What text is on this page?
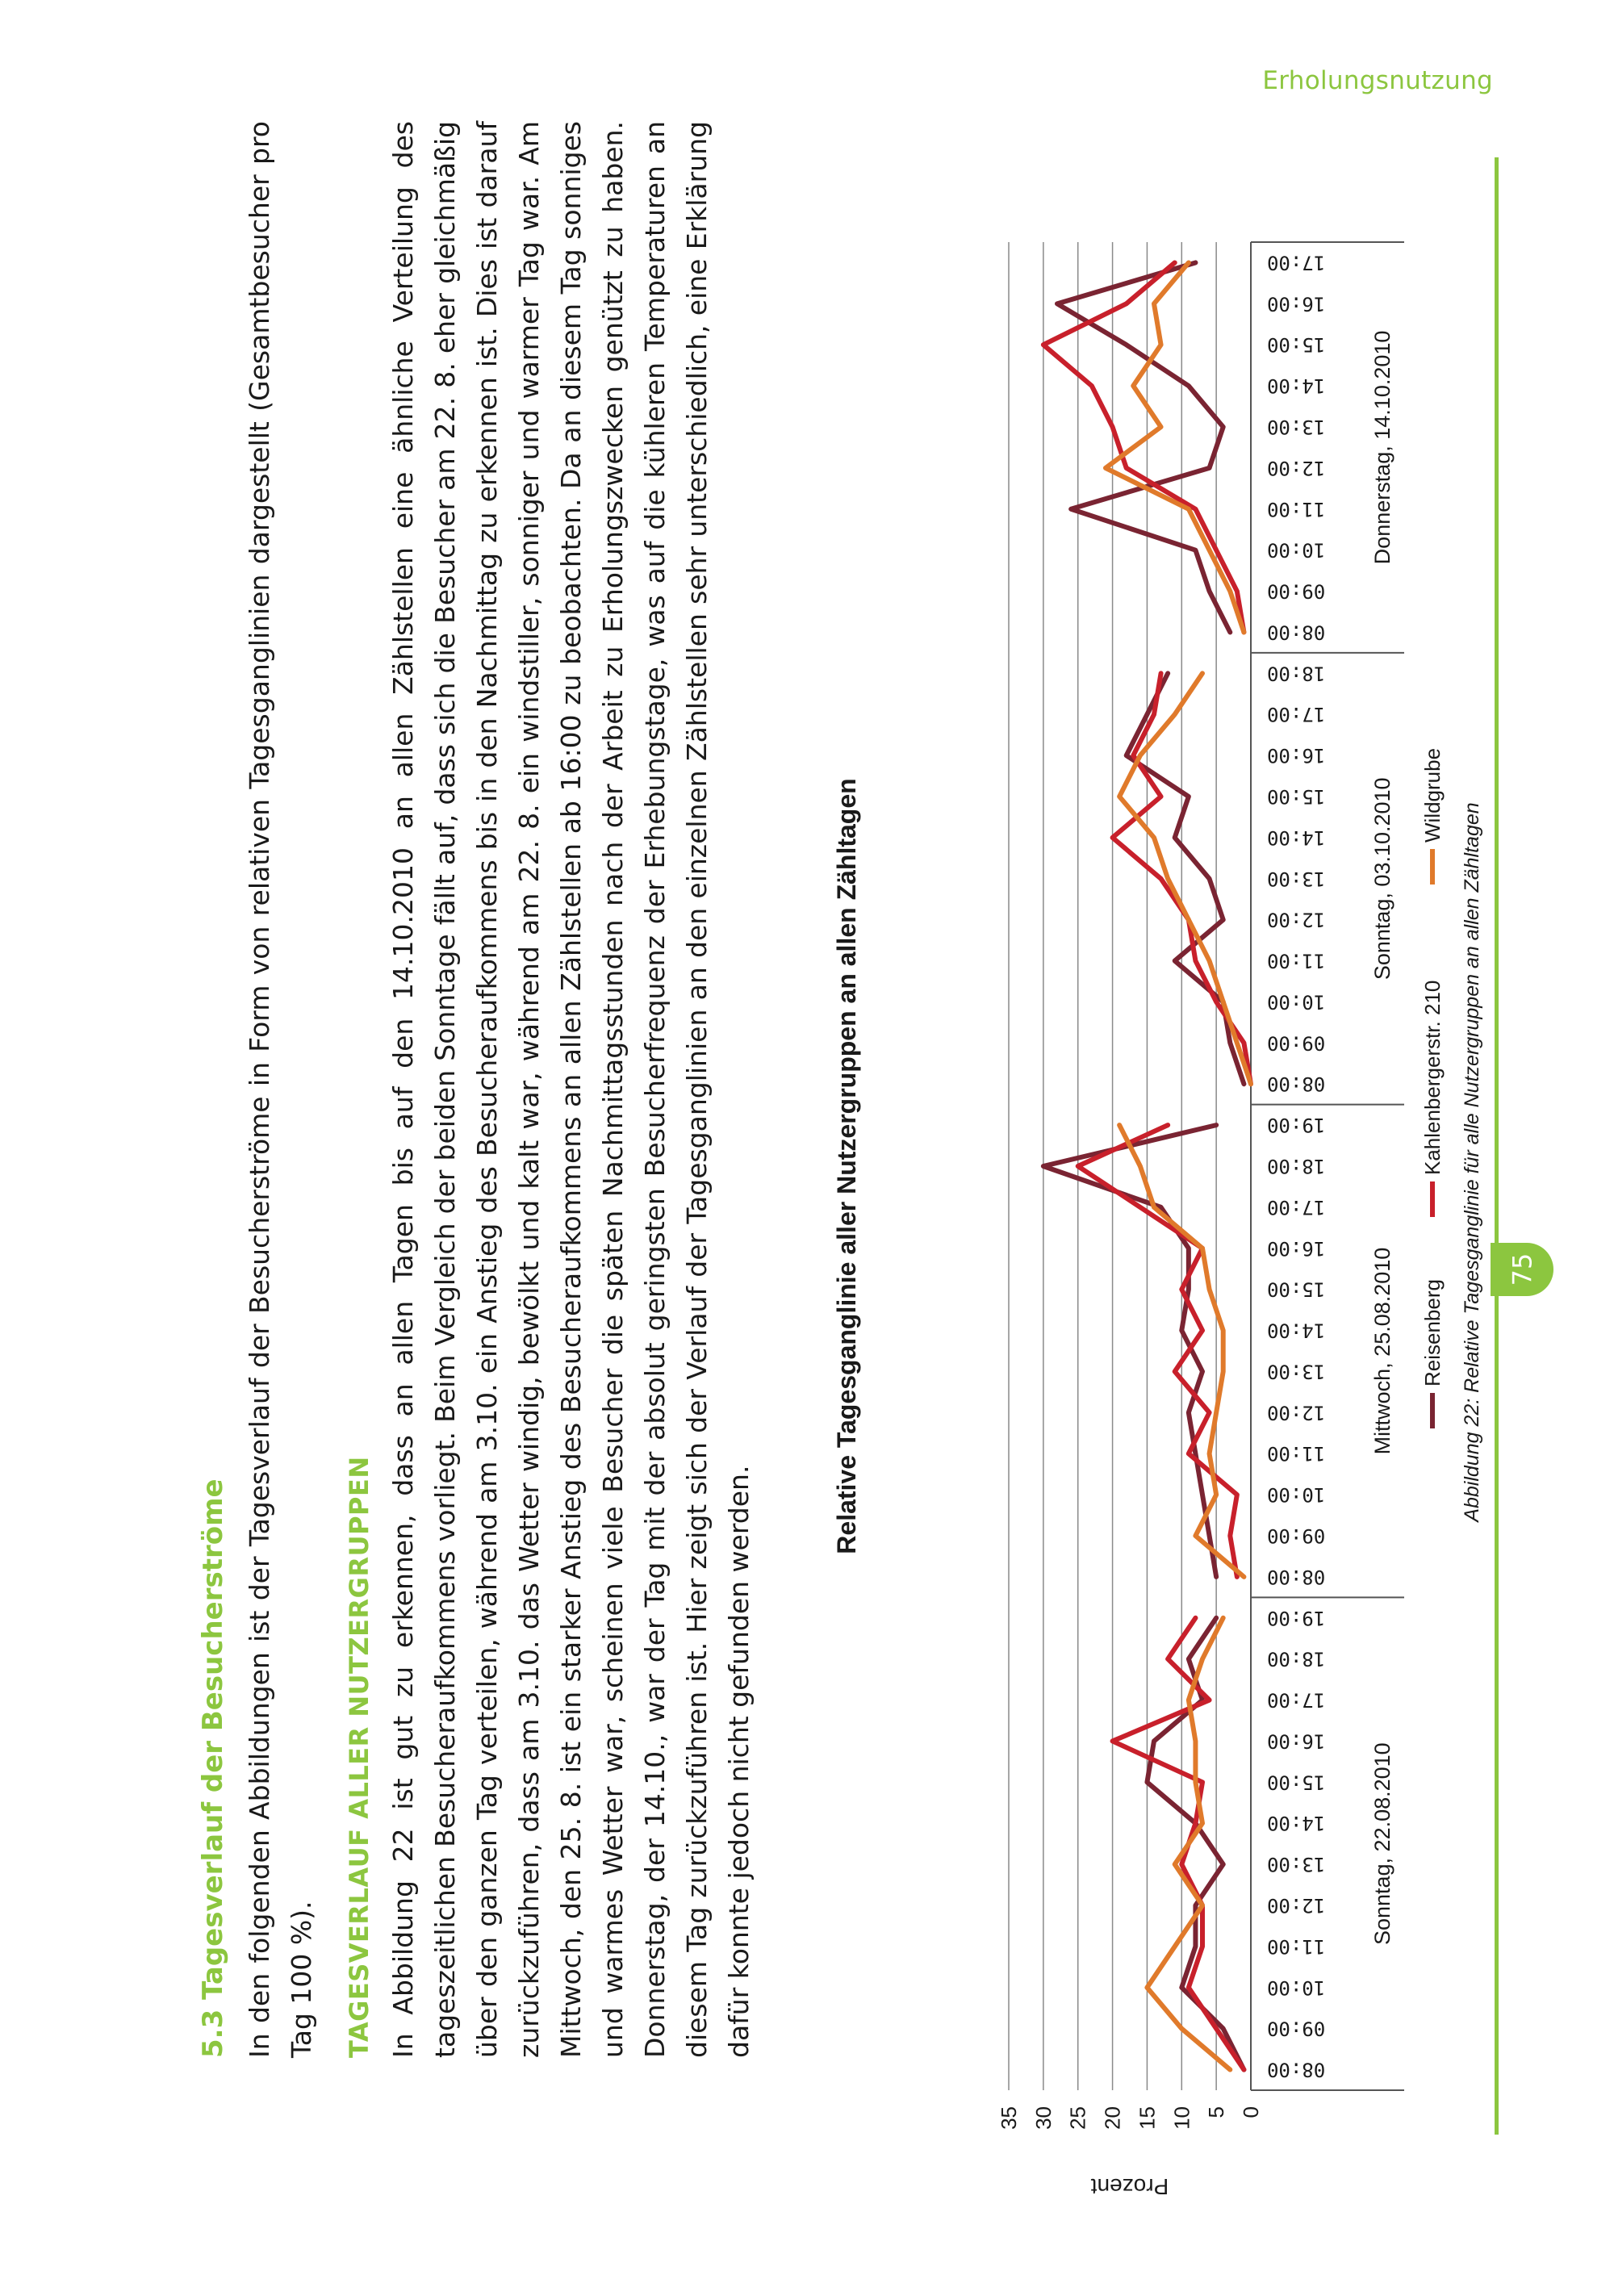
Erholungsnutzung
75
5.3 Tagesverlauf der Besucherströme In den folgenden Abbildungen ist der Tagesverlauf der Besucherströme in Form von relativen Tagesganglinien dargestellt (Gesamtbesucher pro Tag 100 %). TAGESVERLAUF ALLER NUTZERGRUPPEN In Abbildung 22 ist gut zu erkennen, dass an allen Tagen bis auf den 14.10.2010 an allen Zählstellen eine ähnliche Verteilung des tageszeitlichen Besucheraufkommens vorliegt. Beim Vergleich der beiden Sonntage fällt auf, dass sich die Besucher am 22. 8. eher gleichmäßig über den ganzen Tag verteilen, während am 3.10. ein Anstieg des Besucheraufkommens bis in den Nachmittag zu erkennen ist. Dies ist darauf zurückzuführen, dass am 3.10. das Wetter windig, bewölkt und kalt war, während am 22. 8. ein windstiller, sonniger und warmer Tag war. Am Mittwoch, den 25. 8. ist ein starker Anstieg des Besucheraufkommens an allen Zählstellen ab 16:00 zu beobachten. Da an diesem Tag sonniges und warmes Wetter war, scheinen viele Besucher die späten Nachmittagsstunden nach der Arbeit zu Erholungszwecken genützt zu haben. Donnerstag, der 14.10., war der Tag mit der absolut geringsten Besucherfrequenz der Erhebungstage, was auf die kühleren Temperaturen an diesem Tag zurückzuführen ist. Hier zeigt sich der Verlauf der Tagesganglinien an den einzelnen Zählstellen sehr unterschiedlich, eine Erklärung dafür konnte jedoch nicht gefunden werden.

Relative Tagesganglinie aller Nutzergruppen an allen Zähltagen
0
5
10
15
20
25
30
35
Prozent
08:00
09:00
10:00
11:00
12:00
13:00
14:00
15:00
16:00
17:00
18:00
19:00
Sonntag, 22.08.2010
08:00
09:00
10:00
11:00
12:00
13:00
14:00
15:00
16:00
17:00
18:00
19:00
Mittwoch, 25.08.2010
08:00
09:00
10:00
11:00
12:00
13:00
14:00
15:00
16:00
17:00
18:00
Sonntag, 03.10.2010
08:00
09:00
10:00
11:00
12:00
13:00
14:00
15:00
16:00
17:00
Donnerstag, 14.10.2010
Reisenberg
Kahlenbergerstr. 210
Wildgrube
Abbildung 22: Relative Tagesganglinie für alle Nutzergruppen an allen Zähltagen
